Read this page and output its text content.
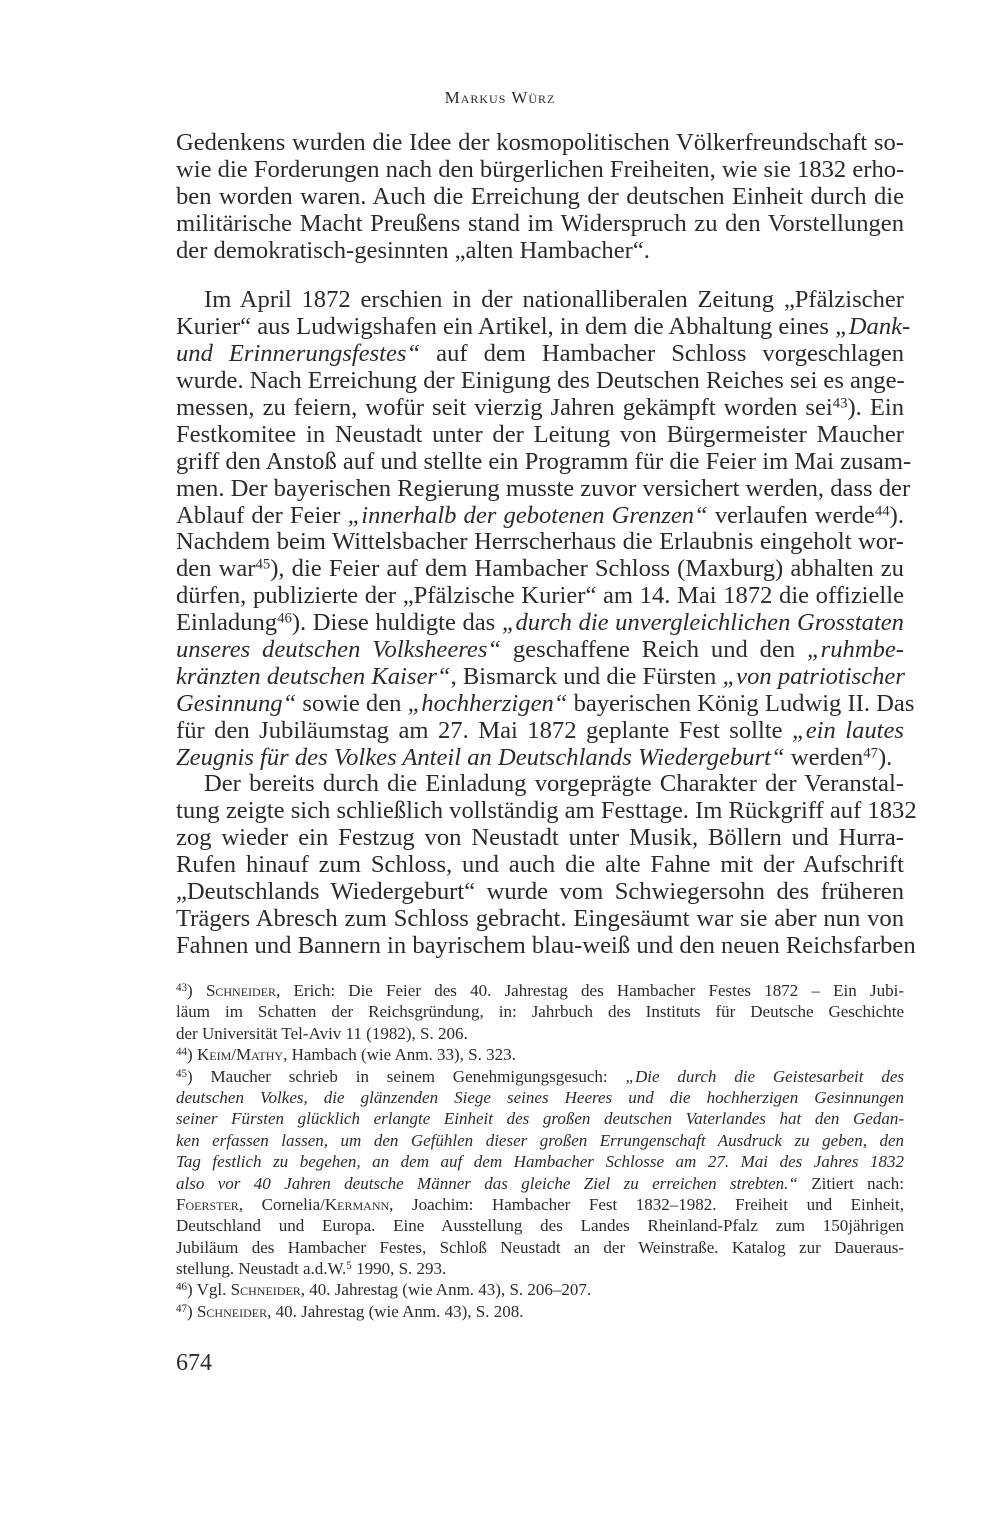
Markus Würz
Gedenkens wurden die Idee der kosmopolitischen Völkerfreundschaft so-
wie die Forderungen nach den bürgerlichen Freiheiten, wie sie 1832 erho-
ben worden waren. Auch die Erreichung der deutschen Einheit durch die
militärische Macht Preußens stand im Widerspruch zu den Vorstellungen
der demokratisch-gesinnten „alten Hambacher“.
Im April 1872 erschien in der nationalliberalen Zeitung „Pfälzischer
Kurier“ aus Ludwigshafen ein Artikel, in dem die Abhaltung eines „Dank-
und Erinnerungsfestes“ auf dem Hambacher Schloss vorgeschlagen
wurde. Nach Erreichung der Einigung des Deutschen Reiches sei es ange-
messen, zu feiern, wofür seit vierzig Jahren gekämpft worden sei$^{43}$). Ein
Festkomitee in Neustadt unter der Leitung von Bürgermeister Maucher
griff den Anstoß auf und stellte ein Programm für die Feier im Mai zusam-
men. Der bayerischen Regierung musste zuvor versichert werden, dass der
Ablauf der Feier „innerhalb der gebotenen Grenzen“ verlaufen werde$^{44}$).
Nachdem beim Wittelsbacher Herrscherhaus die Erlaubnis eingeholt wor-
den war$^{45}$), die Feier auf dem Hambacher Schloss (Maxburg) abhalten zu
dürfen, publizierte der „Pfälzische Kurier“ am 14. Mai 1872 die offizielle
Einladung$^{46}$). Diese huldigte das „durch die unvergleichlichen Grosstaten
unseres deutschen Volksheeres“ geschaffene Reich und den „ruhmbe-
kränzten deutschen Kaiser“, Bismarck und die Fürsten „von patriotischer
Gesinnung“ sowie den „hochherzigen“ bayerischen König Ludwig II. Das
für den Jubiläumstag am 27. Mai 1872 geplante Fest sollte „ein lautes
Zeugnis für des Volkes Anteil an Deutschlands Wiedergeburt“ werden$^{47}$).
Der bereits durch die Einladung vorgeprägte Charakter der Veranstal-
tung zeigte sich schließlich vollständig am Festtage. Im Rückgriff auf 1832
zog wieder ein Festzug von Neustadt unter Musik, Böllern und Hurra-
Rufen hinauf zum Schloss, und auch die alte Fahne mit der Aufschrift
„Deutschlands Wiedergeburt“ wurde vom Schwiegersohn des früheren
Trägers Abresch zum Schloss gebracht. Eingesäumt war sie aber nun von
Fahnen und Bannern in bayrischem blau-weiß und den neuen Reichsfarben
$^{43}$) Schneider, Erich: Die Feier des 40. Jahrestag des Hambacher Festes 1872 – Ein Jubi-
läum im Schatten der Reichsgründung, in: Jahrbuch des Instituts für Deutsche Geschichte
der Universität Tel-Aviv 11 (1982), S. 206.
$^{44}$) Keim/Mathy, Hambach (wie Anm. 33), S. 323.
$^{45}$) Maucher schrieb in seinem Genehmigungsgesuch: „Die durch die Geistesarbeit des
deutschen Volkes, die glänzenden Siege seines Heeres und die hochherzigen Gesinnungen
seiner Fürsten glücklich erlangte Einheit des großen deutschen Vaterlandes hat den Gedan-
ken erfassen lassen, um den Gefühlen dieser großen Errungenschaft Ausdruck zu geben, den
Tag festlich zu begehen, an dem auf dem Hambacher Schlosse am 27. Mai des Jahres 1832
also vor 40 Jahren deutsche Männer das gleiche Ziel zu erreichen strebten.“ Zitiert nach:
Foerster, Cornelia/Kermann, Joachim: Hambacher Fest 1832–1982. Freiheit und Einheit,
Deutschland und Europa. Eine Ausstellung des Landes Rheinland-Pfalz zum 150jährigen
Jubiläum des Hambacher Festes, Schloß Neustadt an der Weinstraße. Katalog zur Daueraus-
stellung. Neustadt a.d.W.$^5$ 1990, S. 293.
$^{46}$) Vgl. Schneider, 40. Jahrestag (wie Anm. 43), S. 206–207.
$^{47}$) Schneider, 40. Jahrestag (wie Anm. 43), S. 208.
674
